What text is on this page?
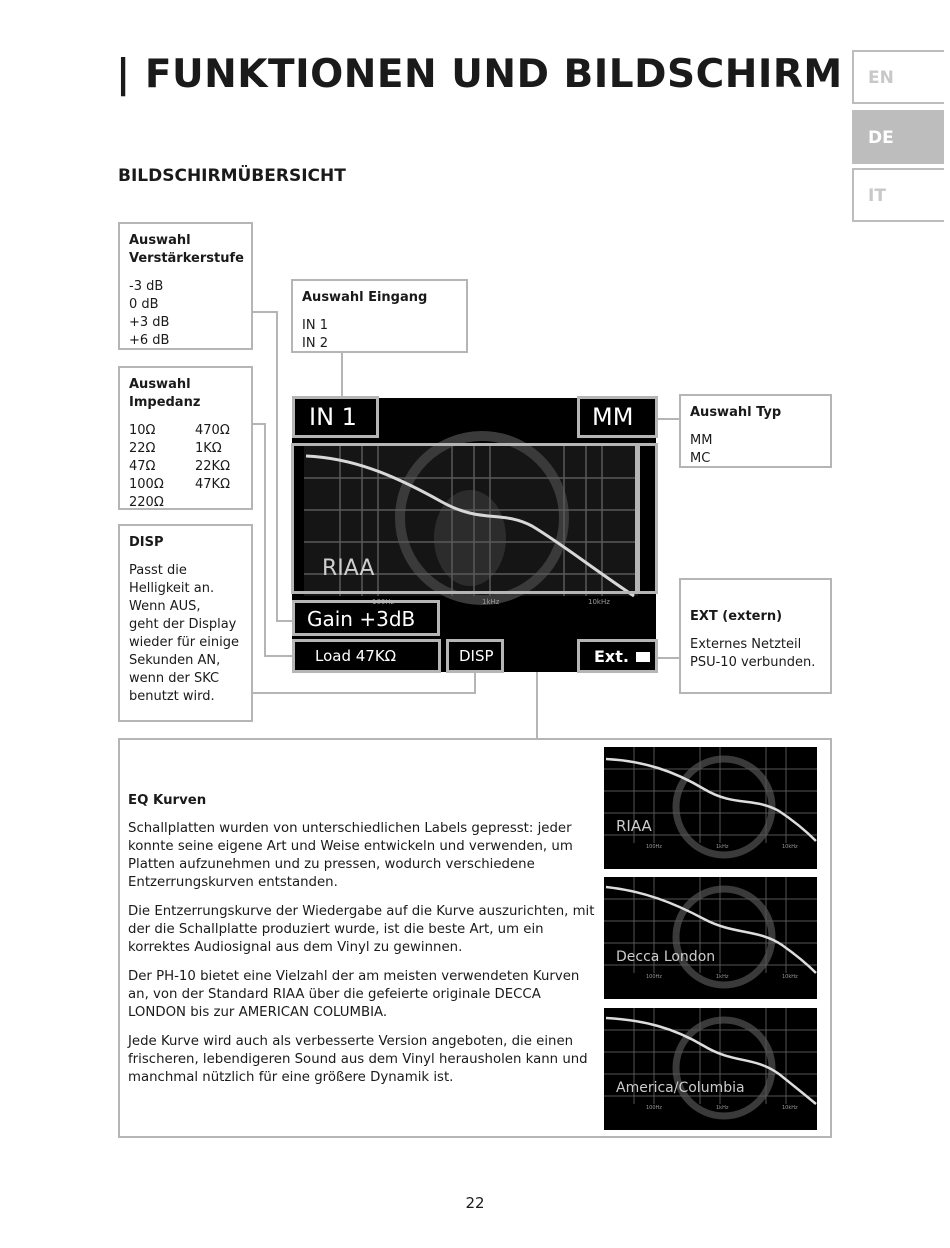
| FUNKTIONEN UND BILDSCHIRM
BILDSCHIRMÜBERSICHT
EN
DE
IT
Auswahl
Verstärkerstufe
-3 dB
0 dB
+3 dB
+6 dB
Auswahl
Impedanz
10Ω	470Ω
22Ω	1KΩ
47Ω	22KΩ
100Ω	47KΩ
220Ω
DISP
Passt die
Helligkeit an.
Wenn AUS,
geht der Display
wieder für einige
Sekunden AN,
wenn der SKC
benutzt wird.
Auswahl Eingang
IN 1
IN 2
Auswahl Typ
MM
MC
EXT (extern)
Externes Netzteil
PSU-10 verbunden.
RIAA
100Hz	1kHz	10kHz
IN 1	MM
Gain +3dB
Load 47KΩ	DISP	Ext.
EQ Kurven

Schallplatten wurden von unterschiedlichen Labels gepresst: jeder konnte seine eigene Art und Weise entwickeln und verwenden, um Platten aufzunehmen und zu pressen, wodurch verschiedene Entzerrungskurven entstanden.

Die Entzerrungskurve der Wiedergabe auf die Kurve auszurichten, mit der die Schallplatte produziert wurde, ist die beste Art, um ein korrektes Audiosignal aus dem Vinyl zu gewinnen.

Der PH-10 bietet eine Vielzahl der am meisten verwendeten Kurven an, von der Standard RIAA über die gefeierte originale DECCA LONDON bis zur AMERICAN COLUMBIA.

Jede Kurve wird auch als verbesserte Version angeboten, die einen frischeren, lebendigeren Sound aus dem Vinyl herausholen kann und manchmal nützlich für eine größere Dynamik ist.

RIAA
100Hz	1kHz	10kHz
Decca London
100Hz	1kHz	10kHz
America/Columbia
100Hz	1kHz	10kHz
22
